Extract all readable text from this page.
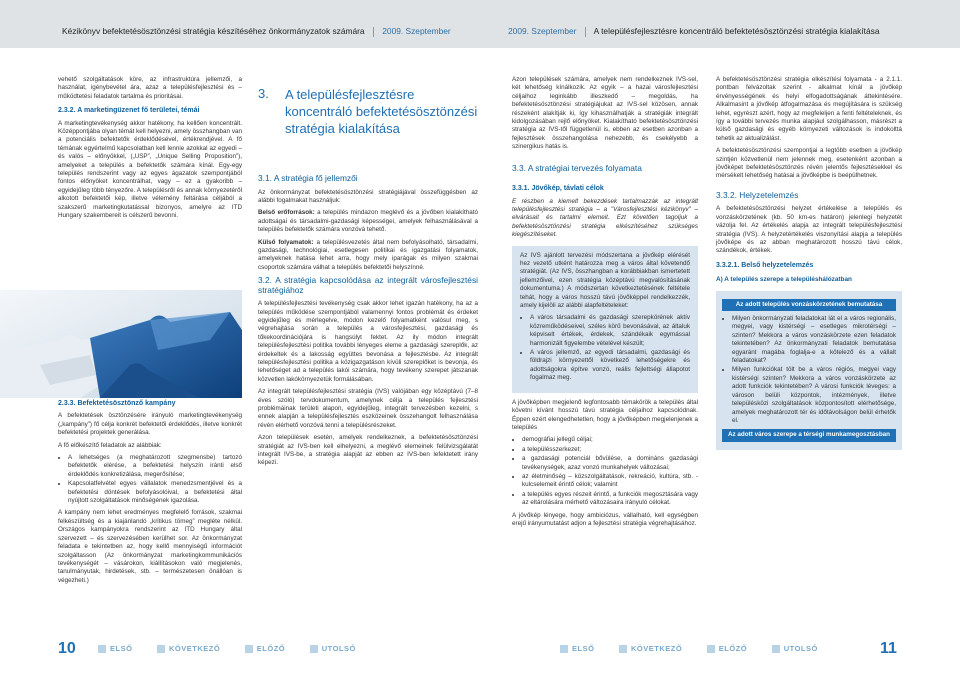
Kézikönyv befektetésösztönzési stratégia készítéséhez önkormányzatok számára 2009. Szeptember	2009. Szeptember A településfejlesztésre koncentráló befektetésösztönzési stratégia kialakítása

vehető szolgáltatások köre, az infrastruktúra jellemzői, a használat, igénybevétel ára, azaz a településfejlesztési és –működtetési feladatok tartalma és prioritásai.

2.3.2. A marketingüzenet fő területei, témái

A marketingtevékenység akkor hatékony, ha kellően koncentrált. Középpontjába olyan témát kell helyezni, amely összhangban van a potenciális befektetők érdeklődésével, értékrendjével. A fő témának egyértelmű kapcsolatban kell lennie azokkal az egyedi – és valós – előnyökkel, („USP”, „Unique Selling Proposition”), amelyeket a település a befektetők számára kínál. Egy-egy település rendszerint vagy az egyes ágazatok szempontjából fontos előnyöket koncentrálhat, vagy – ez a gyakoribb – egyidejűleg több tényezőre. A településről és annak környezetéről alkotott befektetői kép, illetve vélemény feltárása céljából a szakszerű marketingkutatással bizonyos, amelyre az ITD Hungary szakembereit is célszerű bevonni.

2.3.3. Befektetésösztönző kampány

A befektetések ösztönzésére irányuló marketingtevékenység („kampány”) fő célja konkrét befektetői érdeklődés, illetve konkrét befektetési projektek generálása.

A fő előkészítő feladatok az alábbiak:

• A lehetséges (a meghatározott szegmensbe) tartozó befektetők elérése, a befektetési helyszín iránti első érdeklődés konkretizálása, megerősítése;
• Kapcsolatfelvétel egyes vállalatok menedzsmentjével és a befektetési döntések befolyásolóival, a befektetési által nyújtott szolgáltatások minőségének igazolása.

A kampány nem lehet eredményes megfelelő források, szakmai felkészültség és a kiajánlandó „kritikus tömeg” megléte nélkül. Országos kampányokra rendszerint az ITD Hungary által szervezett – és szervezésében kerülhet sor. Az önkormányzat feladata e tekintetben az, hogy kellő mennyiségű információt szolgáltasson (Az önkormányzat marketingkommunikációs tevékenységét – vásárokon, kiállításokon való megjelenés, tanulmányutak, hirdetések, stb. – természetesen önállóan is végezheti.)

3. A településfejlesztésre koncentráló befektetésösztönzési stratégia kialakítása
3.1. A stratégia fő jellemzői

Az önkormányzat befektetésösztönzési stratégiájával összefüggésben az alábbi fogalmakat használjuk:

Belső erőforrások: a település mindazon meglévő és a jövőben kialakítható adottságai és társadalmi-gazdasági képességei, amelyek felhasználásával a település befektetők számára vonzóvá tehető.

Külső folyamatok: a településvezetés által nem befolyásolható, társadalmi, gazdasági, technológiai, esetlegesen politikai és igazgatási folyamatok, amelyeknek hatása lehet arra, hogy mely iparágak és milyen szakmai csoportok számára válhat a település befektetői helyszínné.

3.2. A stratégia kapcsolódása az integrált városfejlesztési stratégiához

A településfejlesztési tevékenység csak akkor lehet igazán hatékony, ha az a település működése szempontjából valamennyi fontos problémát és érdeket egyidejűleg és mérlegelve, módon kezelő folyamatként valósul meg, s végrehajtása során a település a városfejlesztési, gazdasági és tőkekoordinációjára is hangsúlyt fektet. Az ily módon integrált településfejlesztési politika további lényeges eleme a gazdasági szereplők, az érdekeltek és a lakosság együttes bevonása a fejlesztésbe. Az integrált településfejlesztési politika a közigazgatáson kívüli szereplőket is bevonja, és lehetőséget ad a település lakói számára, hogy tevékeny szerepet játszanak közvetlen lakókörnyezetük formálásában.

Az integrált településfejlesztési stratégia (IVS) valójában egy középtávú (7–8 éves szóló) tervdokumentum, amelynek célja a település fejlesztési problémáinak területi alapon, egyidejűleg, integrált tervezésben kezelni, s ennek alapján a településfejlesztés eszközeinek összehangolt felhasználása révén elérhető vonzóvá tenni a településrészeket.

Azon települések esetén, amelyek rendelkeznek, a befektetésösztönzési stratégiát az IVS-ben kell elhelyezni, a meglévő elemeinek felülvizsgálatát integrált IVS-be, a stratégia alapját az ebben az IVS-ben lefektetett irány képezi.

Azon települések számára, amelyek nem rendelkeznek IVS-sel, két lehetőség kínálkozik. Az egyik – a hazai városfejlesztési céljaihoz leginkább illeszkedő – megoldás, ha befektetésösztönzési stratégiájukat az IVS-sel közösen, annak részeként alakítják ki, így kihasználhatják a stratégiák integrált kidolgozásában rejlő előnyöket. Kialakítható befektetésösztönzési stratégia az IVS-től függetlenül is, ebben az esetben azonban a fejlesztések összehangolása nehezebb, és csekélyebb a szinergikus hatás is.

3.3. A stratégiai tervezés folyamata
3.3.1. Jövőkép, távlati célok

E részben a kiemelt bekezdések tartalmazzák az integrált településfejlesztési stratégia – a "Városfejlesztési kézikönyv" – elvárásait és tartalmi elemeit. Ezt követően tagoljuk a befektetésösztönzési stratégia elkészítéséhez szükséges kiegészítéseket.

Az IVS ajánlott tervezési módszertana a jövőkép elérését hez vezető utként határozza meg a város által követendő stratégiát. (Az IVS, összhangban a korábbiakban ismertetett jellemzőivel, ezen stratégia középtávú megvalósításának dokumentuma.) A módszertan következtetésének feltétele tehát, hogy a város hosszú távú jövőképpel rendelkezzék, amely kijelöli az alábbi alapfeltételeket:

• A város társadalmi és gazdasági szerepkörének aktív közreműködéseivel, széles körű bevonásával, az általuk képviselt értékek, érdekek, szándékaik egymással harmonizált figyelembe vételével készült;
• A város jellemző, az egyedi társadalmi, gazdasági és földrajzi környezettől következő lehetőségekre és adottságokra építve vonzó, reális fejlettségi állapotot fogalmaz meg.

A jövőképben megjelenő legfontosabb témakörök a település által követni kívánt hosszú távú stratégia céljaihoz kapcsolódnak. Éppen ezért elengedhetetlen, hogy a jövőképben megjelenjenek a település

• demográfiai jellegű céljai;
• a településszerkezet;
• a gazdasági potenciál bővülése, a domináns gazdasági tevékenységek, azaz vonzó munkahelyek változásai;
• az életminőség – közszolgáltatások, rekreáció, kultúra, stb. - kulcselemeit érintő célok; valamint
• a település egyes részeit érintő, a funkciók megosztására vagy az eltárolására mérhető változásaira irányuló célokat.

A jövőkép lényege, hogy ambiciózus, vállalható, kell egységben erejű irányumutatást adjon a fejlesztési stratégia végrehajtásához.

A befektetésösztönzési stratégia elkészítési folyamata - a 2.1.1. pontban felvázoltak szerint - alkalmat kínál a jövőkép érvényességének és helyi elfogadottságának áttekintésére. Alkalmasint a jövőkép átfogalmazása és megújítására is szükség lehet, egyrészt azért, hogy az megfeleljen a fenti feltételeknek, és így a további tervezés munka alapjául szolgálhasson, másrészt a külső gazdasági és egyéb környezeti változások is indokolttá tehetik az aktualizálást.

A befektetésösztönzési szempontjai a legtöbb esetben a jövőkép szintjén közvetlenül nem jelennek meg, esetenként azonban a jövőképet befektetésösztönzés révén jelentős fejlesztésekkel és mérsékelt lehetőség hatásai a jövőképbe is beépülhetnek.

3.3.2. Helyzetelemzés

A befektetésösztönzési helyzet értékelése a település és vonzáskörzetének (kb. 50 km-es határon) jelenlegi helyzetét vázolja fel. Az értékelés alapja az integrált településfejlesztési stratégia (IVS). A helyzetértékelés viszonyítási alapja a település jövőképe és az abban meghatározott hosszú távú célok, szándékok, értékek.

3.3.2.1. Belső helyzetelemzés
A) A település szerepe a településhálózatban
Az adott település vonzáskörzetének bemutatása
• Milyen önkormányzati feladatokat lát el a város regionális, megyei, vagy kistérségi – esetleges mikrotérségi – szinten? Mekkora a város vonzáskörzete ezen feladatok tekintetében? Az önkormányzati feladatok bemutatása egyaránt magába foglalja-e a kötelező és a vállalt feladatokat?
• Milyen funkciókat tölt be a város régiós, megyei vagy kistérségi szinten? Mekkora a város vonzáskörzete az adott funkciók tekintetében? A városi funkciók léveges: a városon belüli központok, intézmények, illetve településközi szolgáltatások központosított elérhetősége, amelyek meghatározott tér és időtávolságon belül érhetők el.
Az adott város szerepe a térségi munkamegosztásban
10	ELSŐ	KÖVETKEZŐ	ELŐZŐ	UTOLSÓ	ELSŐ	KÖVETKEZŐ	ELŐZŐ	UTOLSÓ	11
